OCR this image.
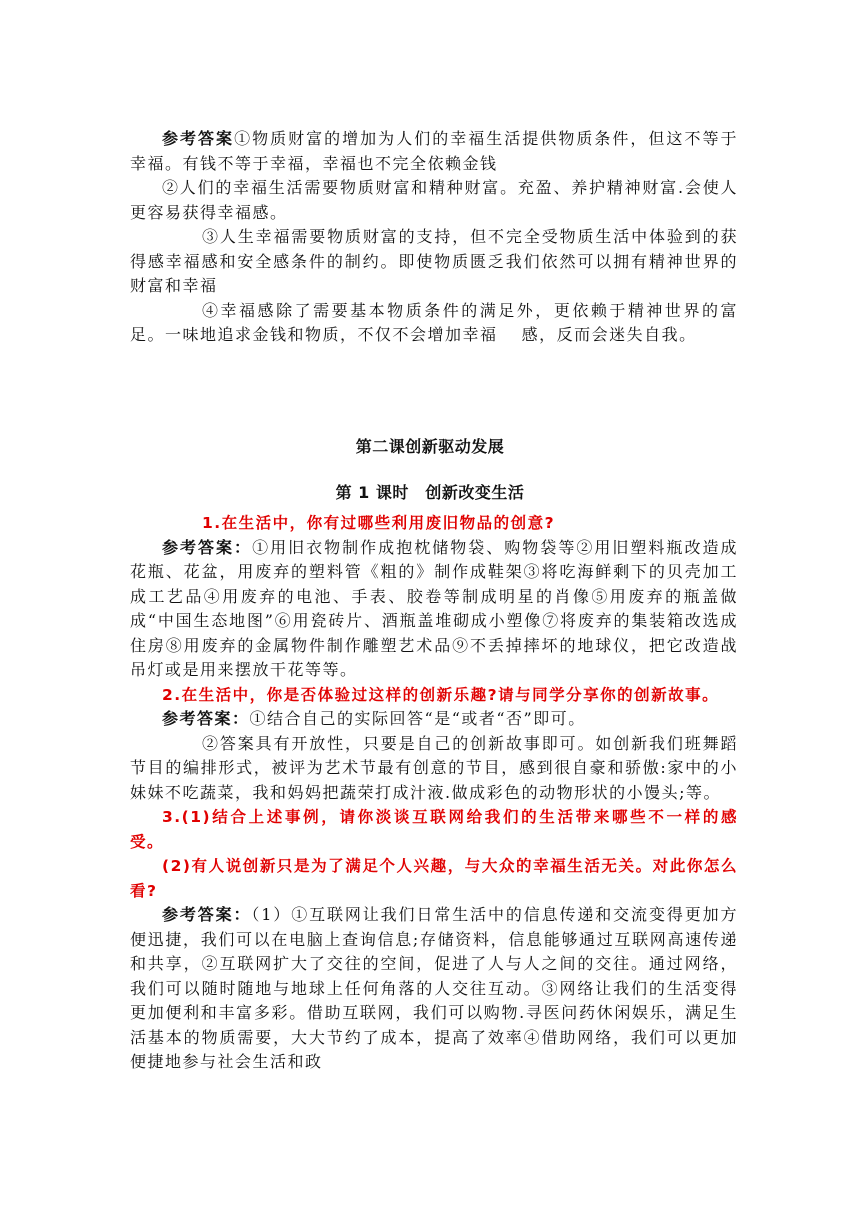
参考答案①物质财富的增加为人们的幸福生活提供物质条件，但这不等于幸福。有钱不等于幸福，幸福也不完全依赖金钱

②人们的幸福生活需要物质财富和精种财富。充盈、养护精神财富.会使人更容易获得幸福感。

③人生幸福需要物质财富的支持，但不完全受物质生活中体验到的获得感幸福感和安全感条件的制约。即使物质匮乏我们依然可以拥有精神世界的财富和幸福

④幸福感除了需要基本物质条件的满足外，更依赖于精神世界的富足。一味地追求金钱和物质，不仅不会增加幸福　 感，反而会迷失自我。

第二课创新驱动发展
第 1 课时　创新改变生活

1.在生活中，你有过哪些利用废旧物品的创意?

参考答案：①用旧衣物制作成抱枕储物袋、购物袋等②用旧塑料瓶改造成花瓶、花盆，用废弃的塑料管《粗的》制作成鞋架③将吃海鲜剩下的贝壳加工成工艺品④用废弃的电池、手表、胶卷等制成明星的肖像⑤用废弃的瓶盖做成“中国生态地图”⑥用瓷砖片、酒瓶盖堆砌成小塑像⑦将废弃的集装箱改选成住房⑧用废弃的金属物件制作雕塑艺术品⑨不丢掉摔坏的地球仪，把它改造战吊灯或是用来摆放干花等等。

2.在生活中，你是否体验过这样的创新乐趣?请与同学分享你的创新故事。

参考答案：①结合自己的实际回答“是“或者“否”即可。

②答案具有开放性，只要是自己的创新故事即可。如创新我们班舞蹈节目的编排形式，被评为艺术节最有创意的节目，感到很自豪和骄傲:家中的小妹妹不吃蔬菜，我和妈妈把蔬荣打成汁液.做成彩色的动物形状的小馒头;等。

3.(1)结合上述事例，请你淡谈互联网给我们的生活带来哪些不一样的感受。

(2)有人说创新只是为了满足个人兴趣，与大众的幸福生活无关。对此你怎么看?

参考答案：（1）①互联网让我们日常生活中的信息传递和交流变得更加方便迅捷，我们可以在电脑上查询信息;存储资料，信息能够通过互联网高速传递和共享，②互联网扩大了交往的空间，促进了人与人之间的交往。通过网络，我们可以随时随地与地球上任何角落的人交往互动。③网络让我们的生活变得更加便利和丰富多彩。借助互联网，我们可以购物.寻医问药休闲娱乐，满足生活基本的物质需要，大大节约了成本，提高了效率④借助网络，我们可以更加便捷地参与社会生活和政
